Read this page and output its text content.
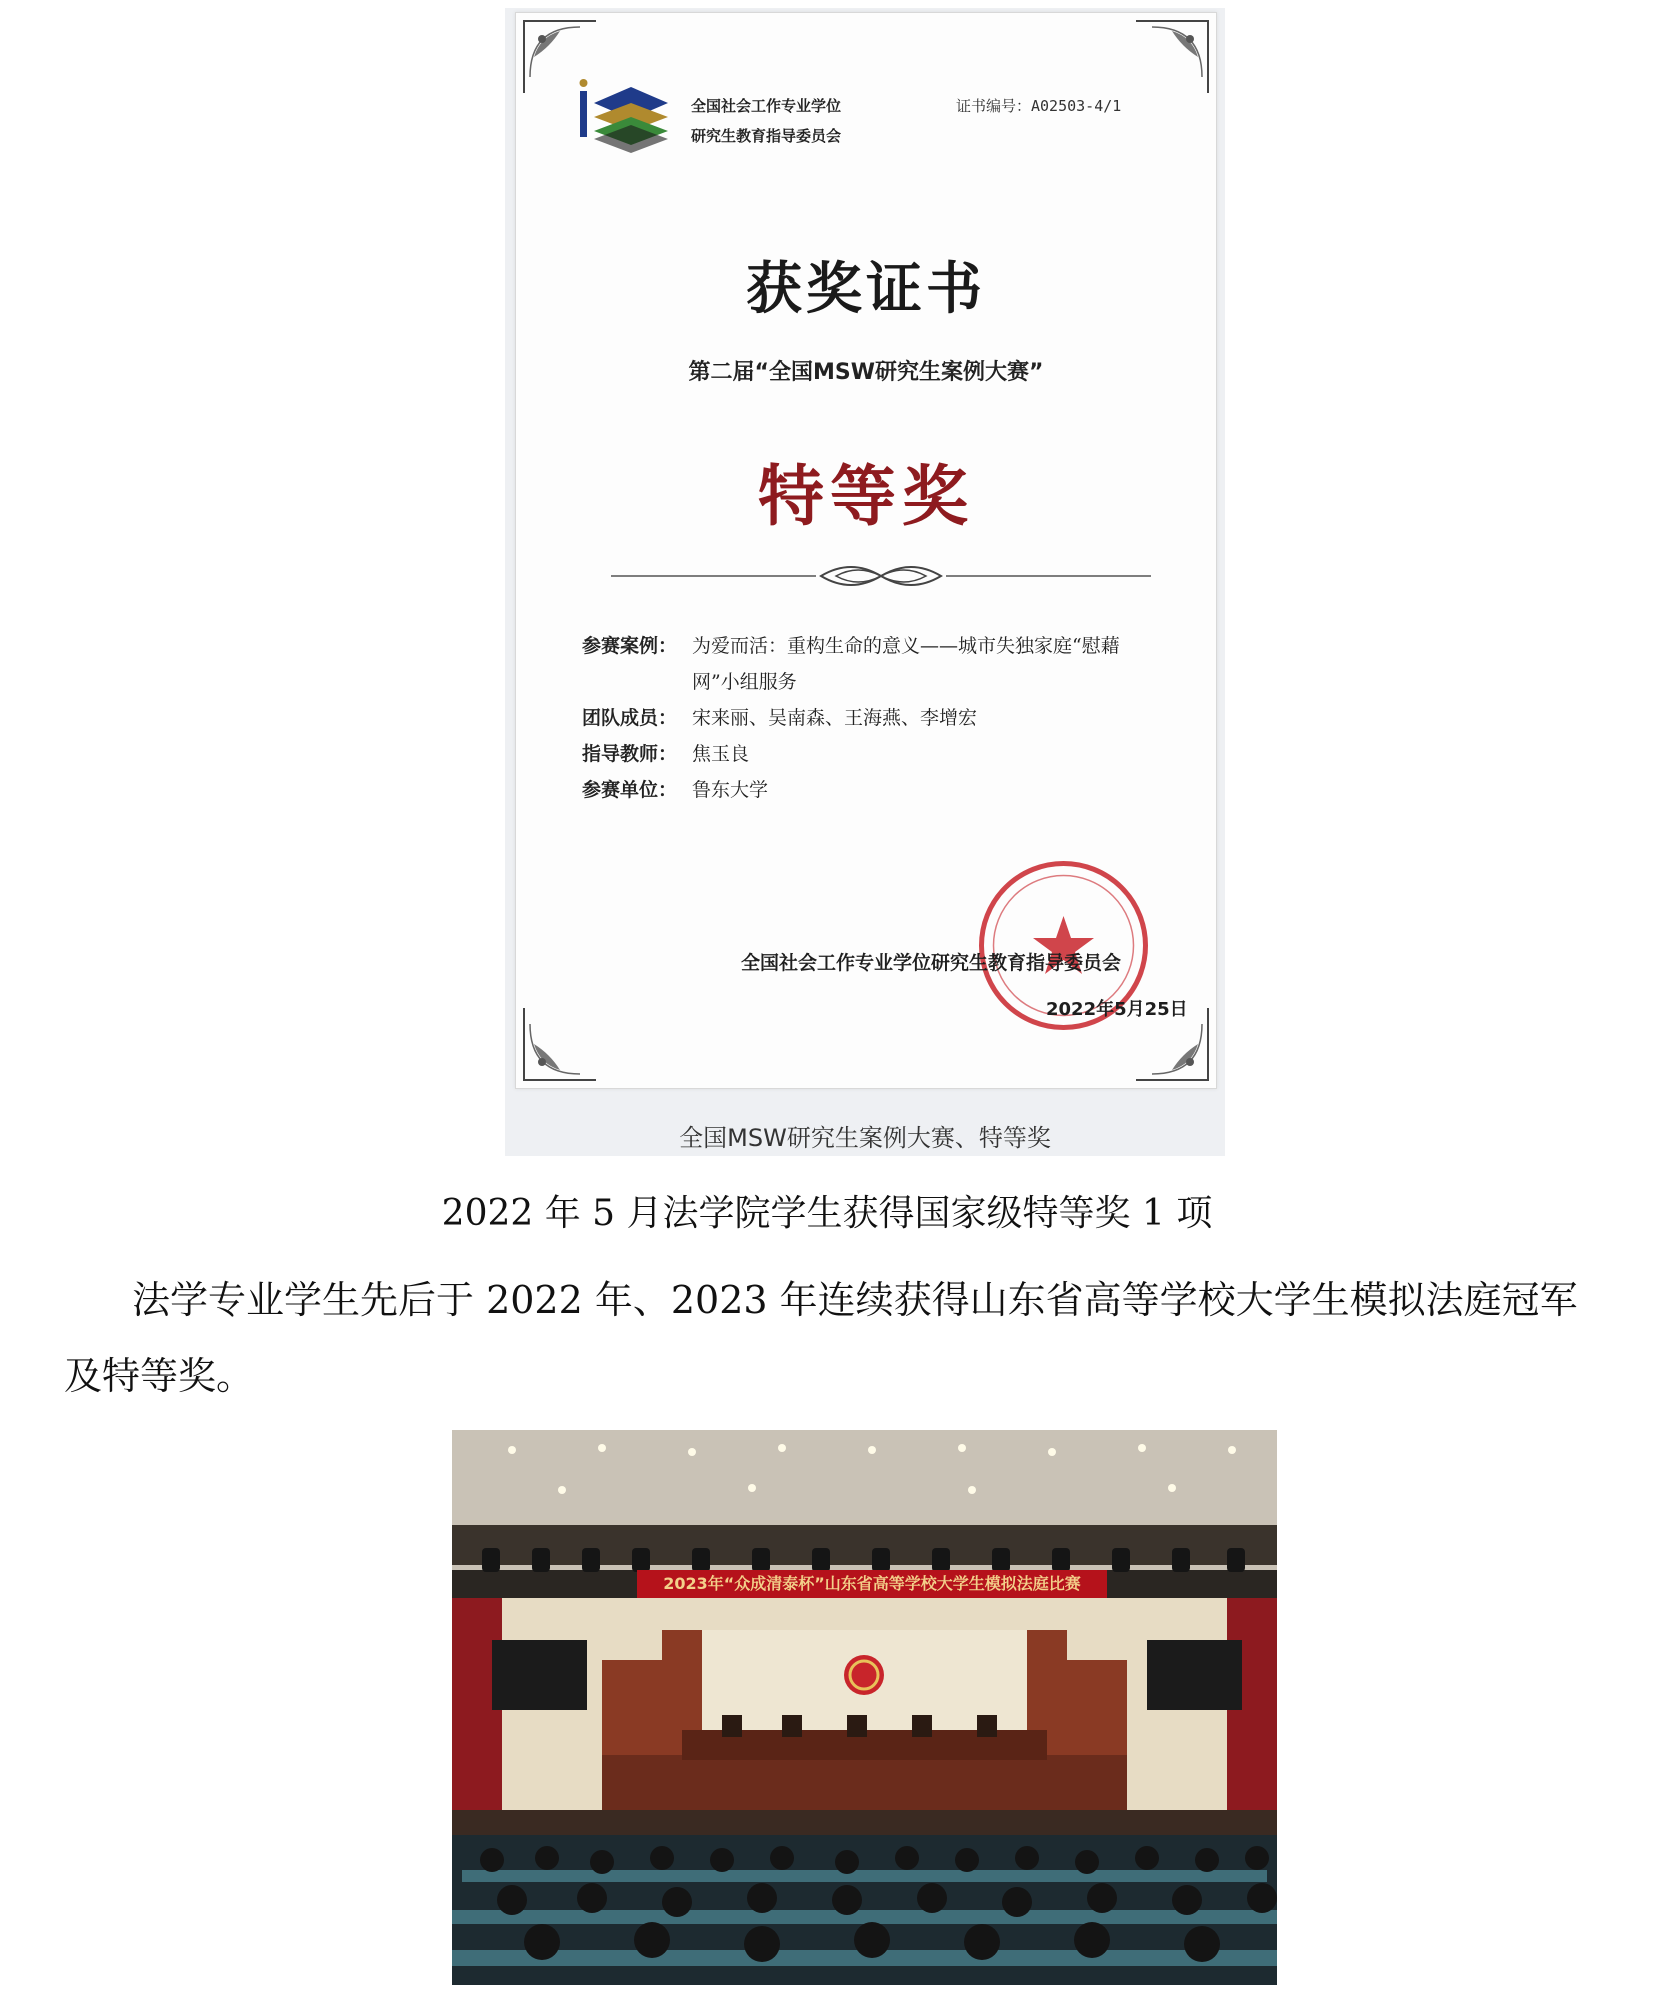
全国社会工作专业学位
研究生教育指导委员会
证书编号：A02503-4/1
获奖证书
第二届“全国MSW研究生案例大赛”
特等奖
参赛案例： 为爱而活：重构生命的意义——城市失独家庭“慰藉网”小组服务
团队成员： 宋来丽、吴南森、王海燕、李增宏
指导教师： 焦玉良
参赛单位： 鲁东大学
全国社会工作专业学位研究生教育指导委员会
2022年5月25日
全国MSW研究生案例大赛、特等奖
2022 年 5 月法学院学生获得国家级特等奖 1 项
法学专业学生先后于 2022 年、2023 年连续获得山东省高等学校大学生模拟法庭冠军及特等奖。
2023年“众成清泰杯”山东省高等学校大学生模拟法庭比赛
